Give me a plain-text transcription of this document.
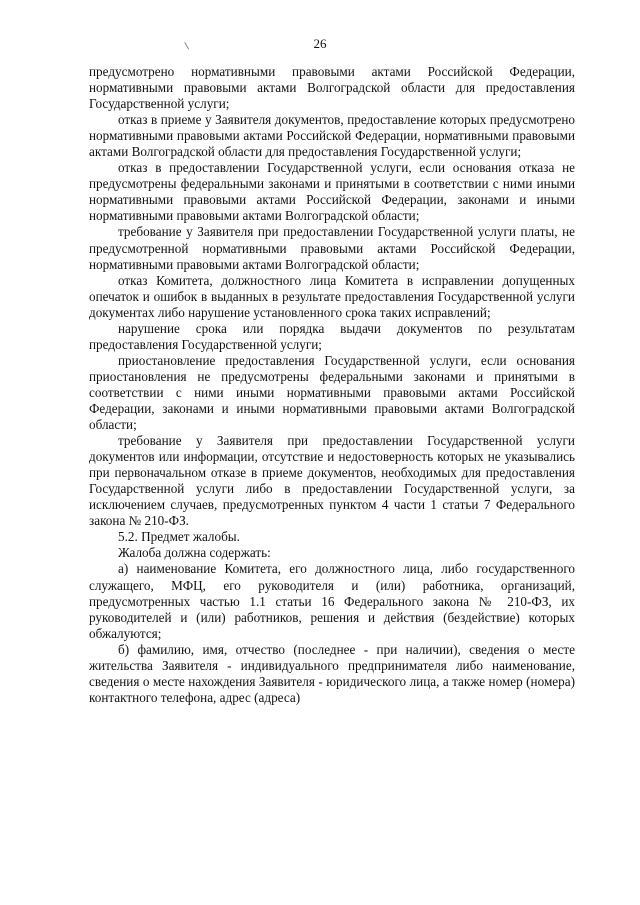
26

предусмотрено нормативными правовыми актами Российской Федерации, нормативными правовыми актами Волгоградской области для предоставления Государственной услуги;

отказ в приеме у Заявителя документов, предоставление которых предусмотрено нормативными правовыми актами Российской Федерации, нормативными правовыми актами Волгоградской области для предоставления Государственной услуги;

отказ в предоставлении Государственной услуги, если основания отказа не предусмотрены федеральными законами и принятыми в соответствии с ними иными нормативными правовыми актами Российской Федерации, законами и иными нормативными правовыми актами Волгоградской области;

требование у Заявителя при предоставлении Государственной услуги платы, не предусмотренной нормативными правовыми актами Российской Федерации, нормативными правовыми актами Волгоградской области;

отказ Комитета, должностного лица Комитета в исправлении допущенных опечаток и ошибок в выданных в результате предоставления Государственной услуги документах либо нарушение установленного срока таких исправлений;

нарушение срока или порядка выдачи документов по результатам предоставления Государственной услуги;

приостановление предоставления Государственной услуги, если основания приостановления не предусмотрены федеральными законами и принятыми в соответствии с ними иными нормативными правовыми актами Российской Федерации, законами и иными нормативными правовыми актами Волгоградской области;

требование у Заявителя при предоставлении Государственной услуги документов или информации, отсутствие и недостоверность которых не указывались при первоначальном отказе в приеме документов, необходимых для предоставления Государственной услуги либо в предоставлении Государственной услуги, за исключением случаев, предусмотренных пунктом 4 части 1 статьи 7 Федерального закона № 210-ФЗ.

5.2. Предмет жалобы.

Жалоба должна содержать:

а) наименование Комитета, его должностного лица, либо государственного служащего, МФЦ, его руководителя и (или) работника, организаций, предусмотренных частью 1.1 статьи 16 Федерального закона № 210-ФЗ, их руководителей и (или) работников, решения и действия (бездействие) которых обжалуются;

б) фамилию, имя, отчество (последнее - при наличии), сведения о месте жительства Заявителя - индивидуального предпринимателя либо наименование, сведения о месте нахождения Заявителя - юридического лица, а также номер (номера) контактного телефона, адрес (адреса)
